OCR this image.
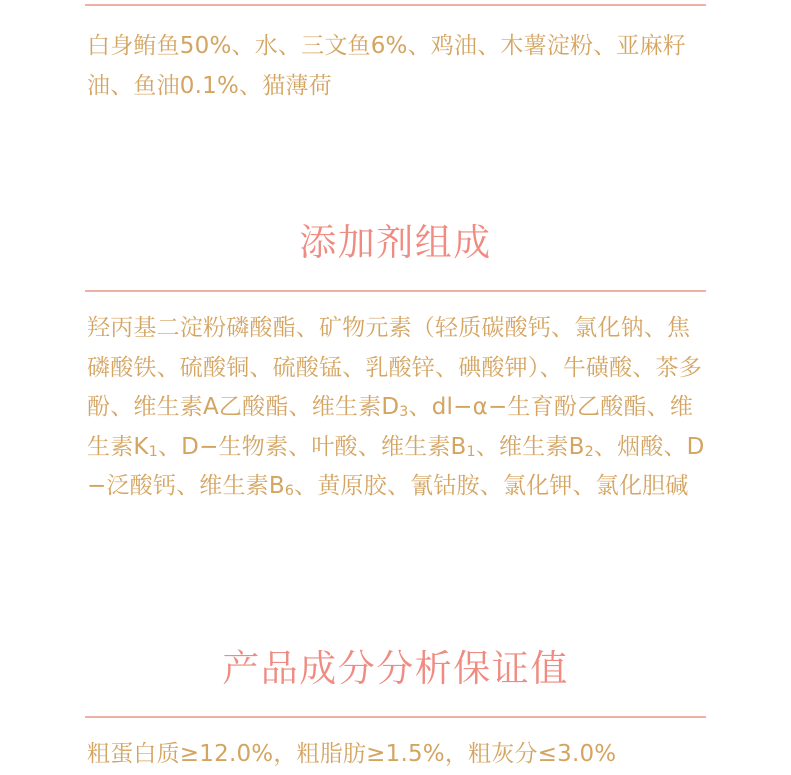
白身鲔鱼50%、水、三文鱼6%、鸡油、木薯淀粉、亚麻籽油、鱼油0.1%、猫薄荷

添加剂组成

羟丙基二淀粉磷酸酯、矿物元素（轻质碳酸钙、氯化钠、焦磷酸铁、硫酸铜、硫酸锰、乳酸锌、碘酸钾）、牛磺酸、茶多酚、维生素A乙酸酯、维生素$D_3$、dl−α−生育酚乙酸酯、维生素$K_1$、D−生物素、叶酸、维生素$B_1$、维生素$B_2$、烟酸、D−泛酸钙、维生素$B_6$、黄原胶、氰钴胺、氯化钾、氯化胆碱

产品成分分析保证值

粗蛋白质≥12.0%，粗脂肪≥1.5%，粗灰分≤3.0%
